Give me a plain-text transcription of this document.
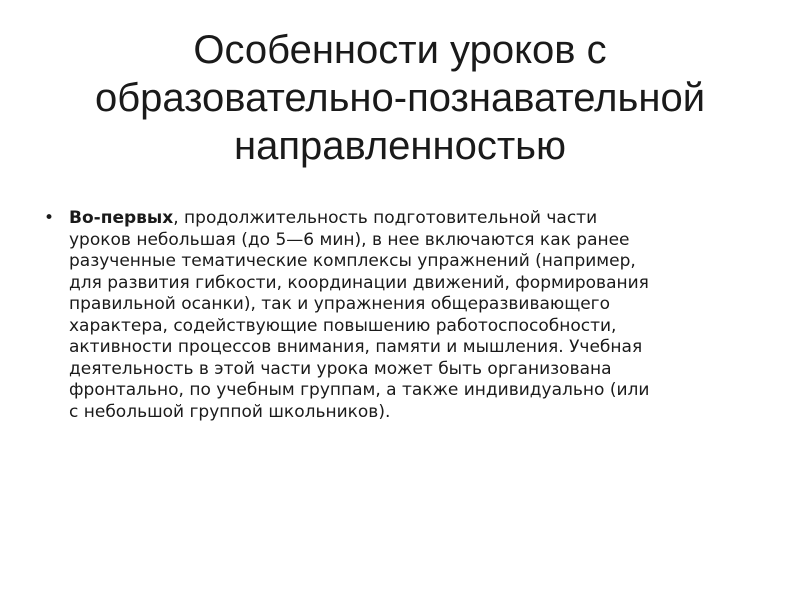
Особенности уроков с
образовательно-познавательной
направленностью
• Во-первых, продолжительность подготовительной части
уроков небольшая (до 5—6 мин), в нее включаются как ранее
разученные тематические комплексы упражнений (например,
для развития гибкости, координации движений, формирования
правильной осанки), так и упражнения общеразвивающего
характера, содействующие повышению работоспособности,
активности процессов внимания, памяти и мышления. Учебная
деятельность в этой части урока может быть организована
фронтально, по учебным группам, а также индивидуально (или
с небольшой группой школьников).
